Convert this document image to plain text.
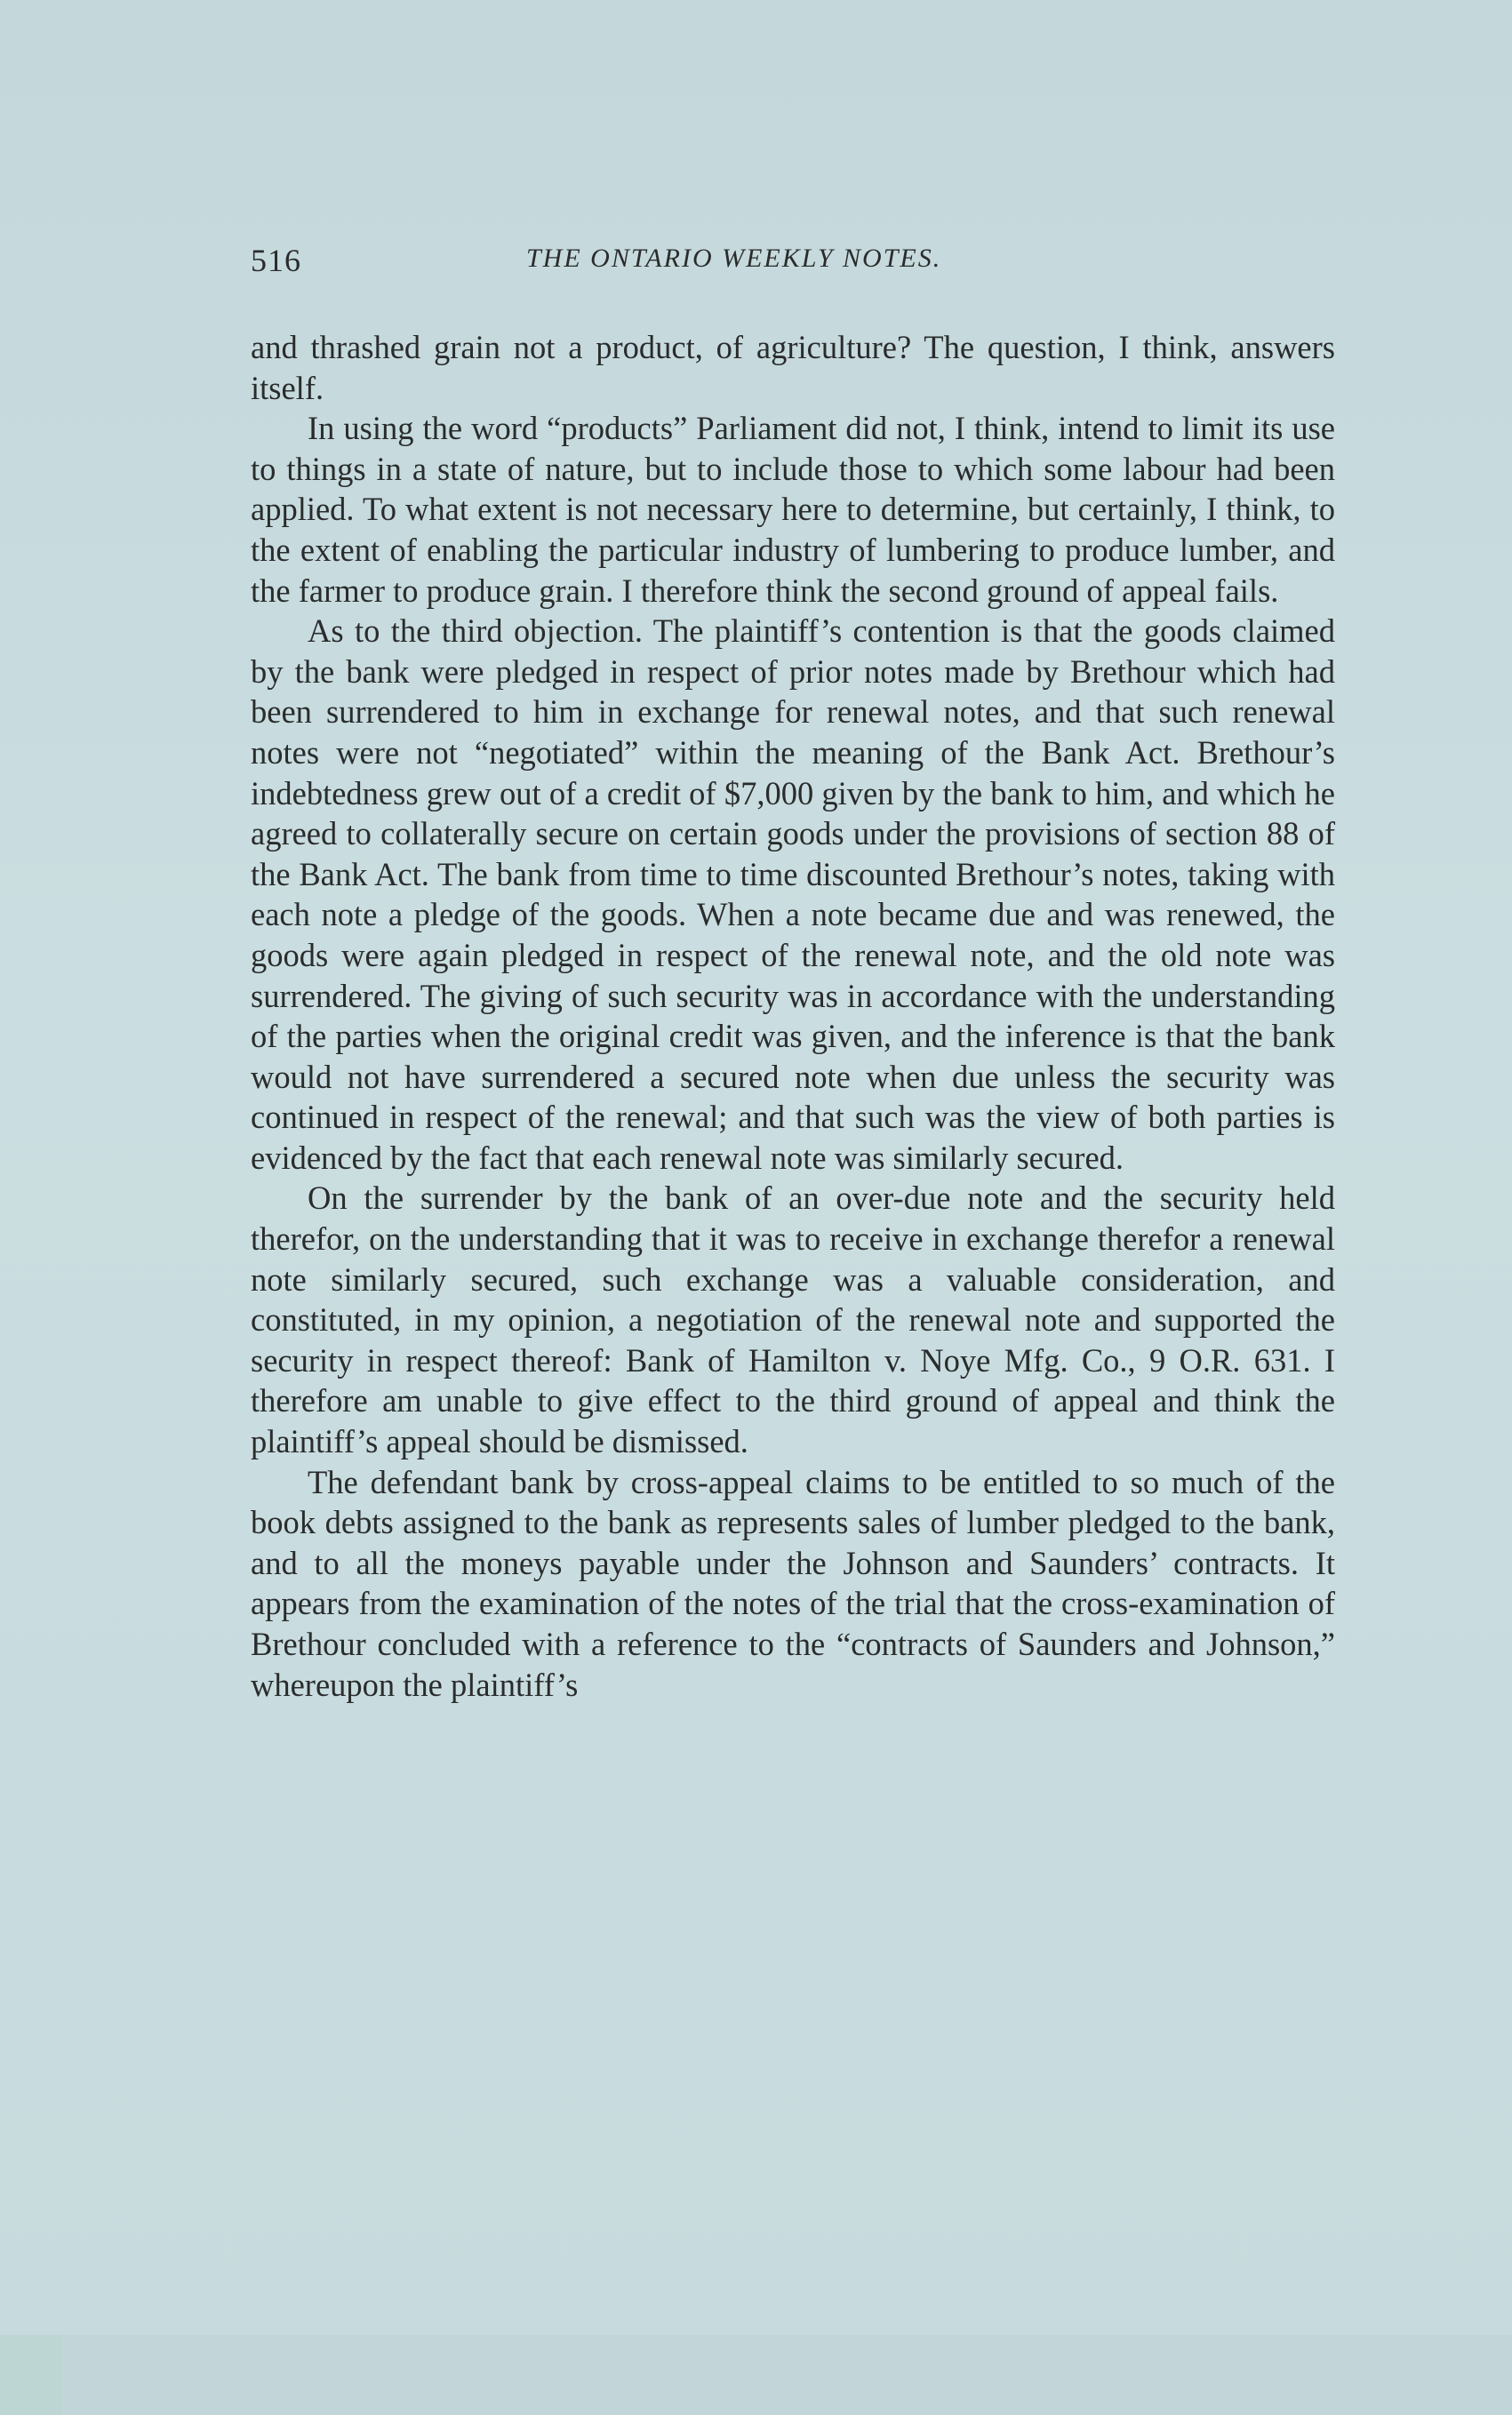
516	THE ONTARIO WEEKLY NOTES.

and thrashed grain not a product, of agriculture? The question, I think, answers itself.

In using the word “products” Parliament did not, I think, intend to limit its use to things in a state of nature, but to include those to which some labour had been applied. To what extent is not necessary here to determine, but certainly, I think, to the extent of enabling the particular industry of lumbering to produce lumber, and the farmer to produce grain. I therefore think the second ground of appeal fails.

As to the third objection. The plaintiff’s contention is that the goods claimed by the bank were pledged in respect of prior notes made by Brethour which had been surrendered to him in exchange for renewal notes, and that such renewal notes were not “negotiated” within the meaning of the Bank Act. Brethour’s indebtedness grew out of a credit of $7,000 given by the bank to him, and which he agreed to collaterally secure on certain goods under the provisions of section 88 of the Bank Act. The bank from time to time discounted Brethour’s notes, taking with each note a pledge of the goods. When a note became due and was renewed, the goods were again pledged in respect of the renewal note, and the old note was surrendered. The giving of such security was in accordance with the understanding of the parties when the original credit was given, and the inference is that the bank would not have surrendered a secured note when due unless the security was continued in respect of the renewal; and that such was the view of both parties is evidenced by the fact that each renewal note was similarly secured.

On the surrender by the bank of an over-due note and the security held therefor, on the understanding that it was to receive in exchange therefor a renewal note similarly secured, such exchange was a valuable consideration, and constituted, in my opinion, a negotiation of the renewal note and supported the security in respect thereof: Bank of Hamilton v. Noye Mfg. Co., 9 O.R. 631. I therefore am unable to give effect to the third ground of appeal and think the plaintiff’s appeal should be dismissed.

The defendant bank by cross-appeal claims to be entitled to so much of the book debts assigned to the bank as represents sales of lumber pledged to the bank, and to all the moneys payable under the Johnson and Saunders’ contracts. It appears from the examination of the notes of the trial that the cross-examination of Brethour concluded with a reference to the “contracts of Saunders and Johnson,” whereupon the plaintiff’s
